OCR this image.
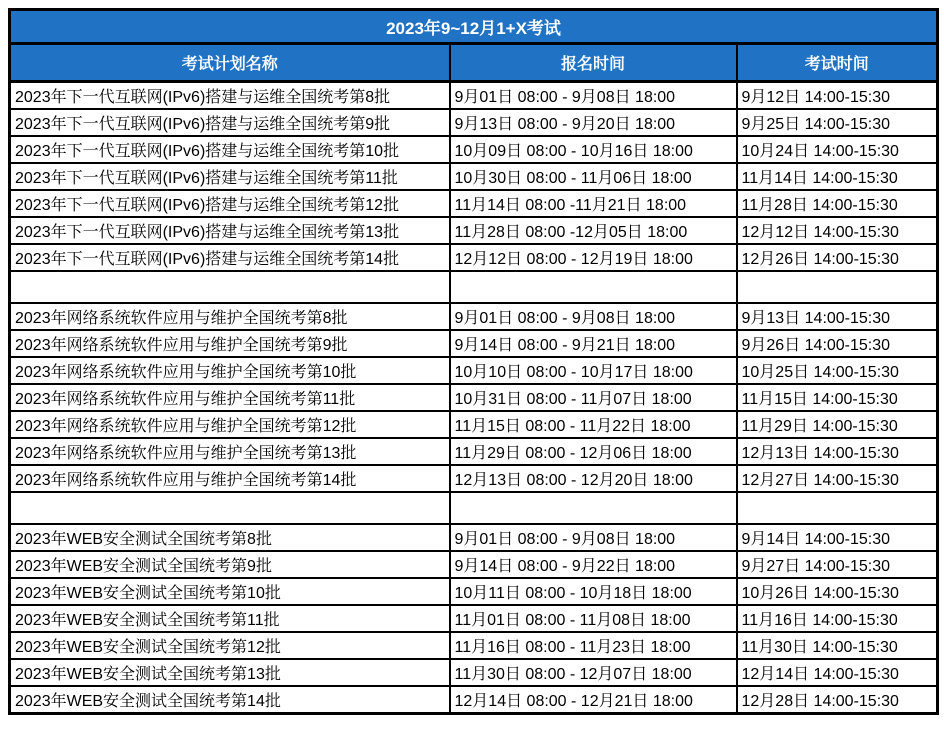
2023年9~12月1+X考试		
考试计划名称	报名时间	考试时间
2023年下一代互联网(IPv6)搭建与运维全国统考第8批	9月01日 08:00 - 9月08日 18:00	9月12日 14:00-15:30
2023年下一代互联网(IPv6)搭建与运维全国统考第9批	9月13日 08:00 - 9月20日 18:00	9月25日 14:00-15:30
2023年下一代互联网(IPv6)搭建与运维全国统考第10批	10月09日 08:00 - 10月16日 18:00	10月24日 14:00-15:30
2023年下一代互联网(IPv6)搭建与运维全国统考第11批	10月30日 08:00 - 11月06日 18:00	11月14日 14:00-15:30
2023年下一代互联网(IPv6)搭建与运维全国统考第12批	11月14日 08:00 -11月21日 18:00	11月28日 14:00-15:30
2023年下一代互联网(IPv6)搭建与运维全国统考第13批	11月28日 08:00 -12月05日 18:00	12月12日 14:00-15:30
2023年下一代互联网(IPv6)搭建与运维全国统考第14批	12月12日 08:00 - 12月19日 18:00	12月26日 14:00-15:30

2023年网络系统软件应用与维护全国统考第8批	9月01日 08:00 - 9月08日 18:00	9月13日 14:00-15:30
2023年网络系统软件应用与维护全国统考第9批	9月14日 08:00 - 9月21日 18:00	9月26日 14:00-15:30
2023年网络系统软件应用与维护全国统考第10批	10月10日 08:00 - 10月17日 18:00	10月25日 14:00-15:30
2023年网络系统软件应用与维护全国统考第11批	10月31日 08:00 - 11月07日 18:00	11月15日 14:00-15:30
2023年网络系统软件应用与维护全国统考第12批	11月15日 08:00 - 11月22日 18:00	11月29日 14:00-15:30
2023年网络系统软件应用与维护全国统考第13批	11月29日 08:00 - 12月06日 18:00	12月13日 14:00-15:30
2023年网络系统软件应用与维护全国统考第14批	12月13日 08:00 - 12月20日 18:00	12月27日 14:00-15:30

2023年WEB安全测试全国统考第8批	9月01日 08:00 - 9月08日 18:00	9月14日 14:00-15:30
2023年WEB安全测试全国统考第9批	9月14日 08:00 - 9月22日 18:00	9月27日 14:00-15:30
2023年WEB安全测试全国统考第10批	10月11日 08:00 - 10月18日 18:00	10月26日 14:00-15:30
2023年WEB安全测试全国统考第11批	11月01日 08:00 - 11月08日 18:00	11月16日 14:00-15:30
2023年WEB安全测试全国统考第12批	11月16日 08:00 - 11月23日 18:00	11月30日 14:00-15:30
2023年WEB安全测试全国统考第13批	11月30日 08:00 - 12月07日 18:00	12月14日 14:00-15:30
2023年WEB安全测试全国统考第14批	12月14日 08:00 - 12月21日 18:00	12月28日 14:00-15:30
